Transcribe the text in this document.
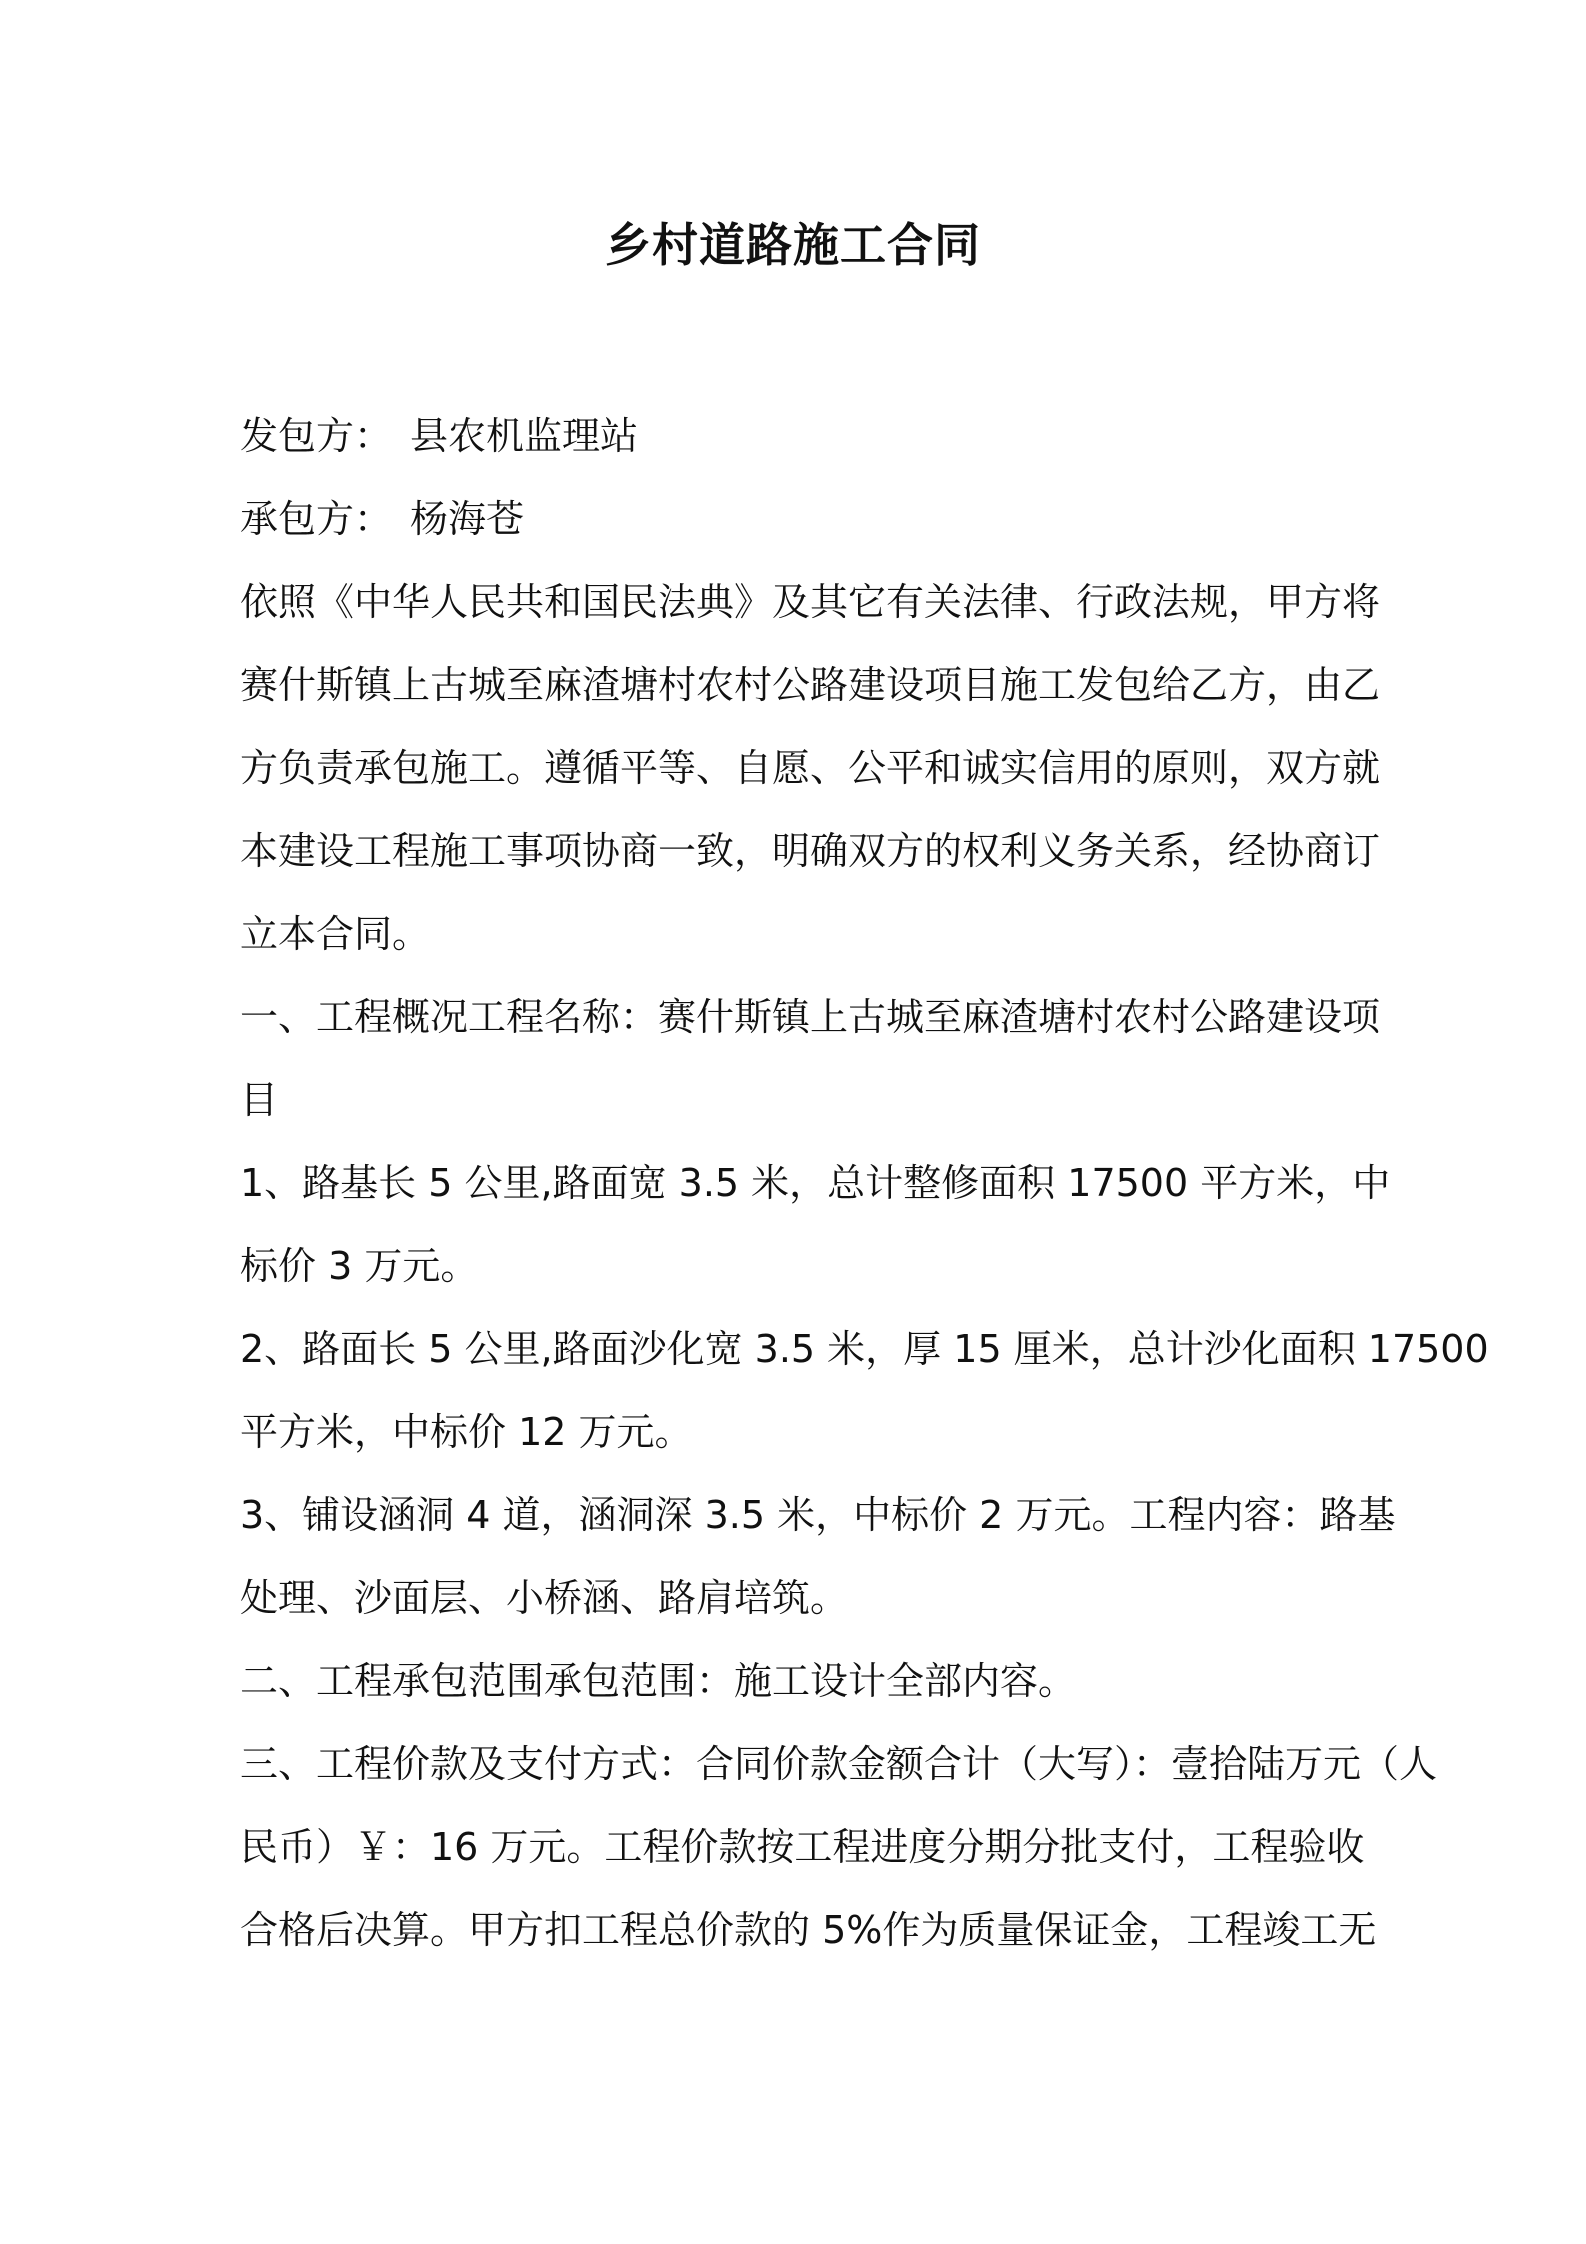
乡村道路施工合同
发包方： 县农机监理站
承包方： 杨海苍
依照《中华人民共和国民法典》及其它有关法律、行政法规，甲方将
赛什斯镇上古城至麻渣塘村农村公路建设项目施工发包给乙方，由乙
方负责承包施工。遵循平等、自愿、公平和诚实信用的原则，双方就
本建设工程施工事项协商一致，明确双方的权利义务关系，经协商订
立本合同。
一、工程概况工程名称：赛什斯镇上古城至麻渣塘村农村公路建设项
目
1、路基长 5 公里,路面宽 3.5 米，总计整修面积 17500 平方米，中
标价 3 万元。
2、路面长 5 公里,路面沙化宽 3.5 米，厚 15 厘米，总计沙化面积 17500
平方米，中标价 12 万元。
3、铺设涵洞 4 道，涵洞深 3.5 米，中标价 2 万元。工程内容：路基
处理、沙面层、小桥涵、路肩培筑。
二、工程承包范围承包范围：施工设计全部内容。
三、工程价款及支付方式：合同价款金额合计（大写）：壹拾陆万元（人
民币）￥：16 万元。工程价款按工程进度分期分批支付，工程验收
合格后决算。甲方扣工程总价款的 5%作为质量保证金，工程竣工无
